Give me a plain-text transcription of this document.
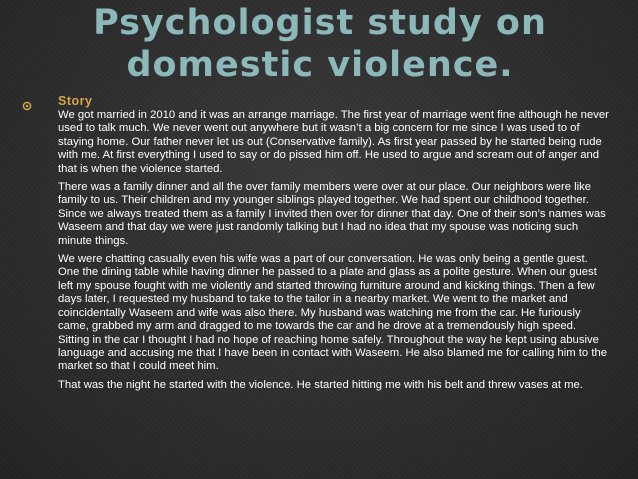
Psychologist study on
domestic violence.
Story

We got married in 2010 and it was an arrange marriage. The first year of marriage went fine although he never used to talk much. We never went out anywhere but it wasn’t a big concern for me since I was used to of staying home. Our father never let us out (Conservative family). As first year passed by he started being rude with me. At first everything I used to say or do pissed him off. He used to argue and scream out of anger and that is when the violence started.

There was a family dinner and all the over family members were over at our place. Our neighbors were like family to us. Their children and my younger siblings played together. We had spent our childhood together. Since we always treated them as a family I invited then over for dinner that day. One of their son’s names was Waseem and that day we were just randomly talking but I had no idea that my spouse was noticing such minute things.

We were chatting casually even his wife was a part of our conversation. He was only being a gentle guest. One the dining table while having dinner he passed to a plate and glass as a polite gesture. When our guest left my spouse fought with me violently and started throwing furniture around and kicking things. Then a few days later, I requested my husband to take to the tailor in a nearby market. We went to the market and coincidentally Waseem and wife was also there. My husband was watching me from the car. He furiously came, grabbed my arm and dragged to me towards the car and he drove at a tremendously high speed. Sitting in the car I thought I had no hope of reaching home safely. Throughout the way he kept using abusive language and accusing me that I have been in contact with Waseem. He also blamed me for calling him to the market so that I could meet him.

That was the night he started with the violence. He started hitting me with his belt and threw vases at me.
